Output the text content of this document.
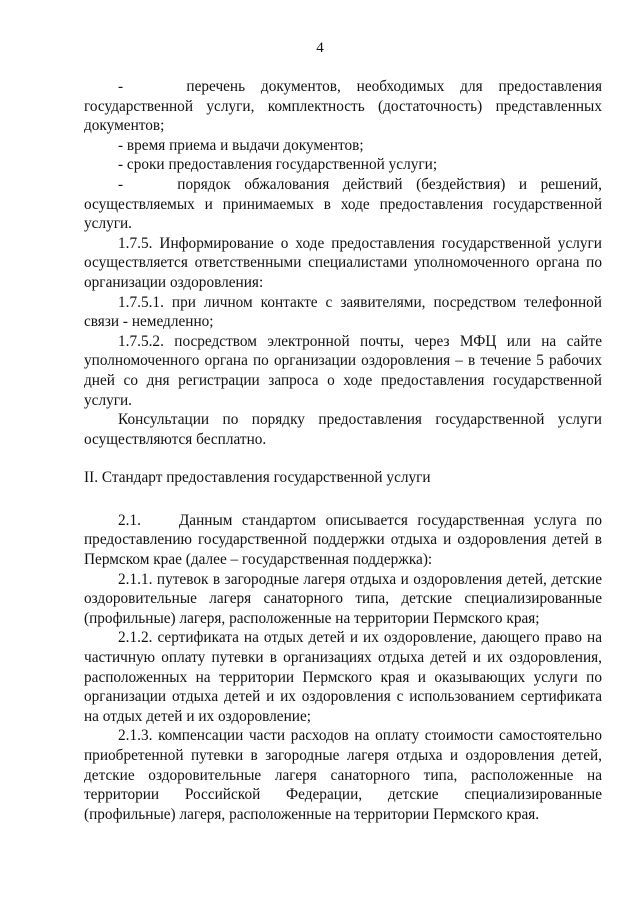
4

-    перечень документов, необходимых для предоставления государственной услуги, комплектность (достаточность) представленных документов;

- время приема и выдачи документов;

- сроки предоставления государственной услуги;

-    порядок обжалования действий (бездействия) и решений, осуществляемых и принимаемых в ходе предоставления государственной услуги.

1.7.5. Информирование о ходе предоставления государственной услуги осуществляется ответственными специалистами уполномоченного органа по организации оздоровления:

1.7.5.1. при личном контакте с заявителями, посредством телефонной связи - немедленно;

1.7.5.2. посредством электронной почты, через МФЦ или на сайте уполномоченного органа по организации оздоровления – в течение 5 рабочих дней со дня регистрации запроса о ходе предоставления государственной услуги.

Консультации по порядку предоставления государственной услуги осуществляются бесплатно.

II. Стандарт предоставления государственной услуги

2.1.    Данным стандартом описывается государственная услуга по предоставлению государственной поддержки отдыха и оздоровления детей в Пермском крае (далее – государственная поддержка):

2.1.1. путевок в загородные лагеря отдыха и оздоровления детей, детские оздоровительные лагеря санаторного типа, детские специализированные (профильные) лагеря, расположенные на территории Пермского края;

2.1.2. сертификата на отдых детей и их оздоровление, дающего право на частичную оплату путевки в организациях отдыха детей и их оздоровления, расположенных на территории Пермского края и оказывающих услуги по организации отдыха детей и их оздоровления с использованием сертификата на отдых детей и их оздоровление;

2.1.3. компенсации части расходов на оплату стоимости самостоятельно приобретенной путевки в загородные лагеря отдыха и оздоровления детей, детские оздоровительные лагеря санаторного типа, расположенные на территории Российской Федерации, детские специализированные (профильные) лагеря, расположенные на территории Пермского края.
